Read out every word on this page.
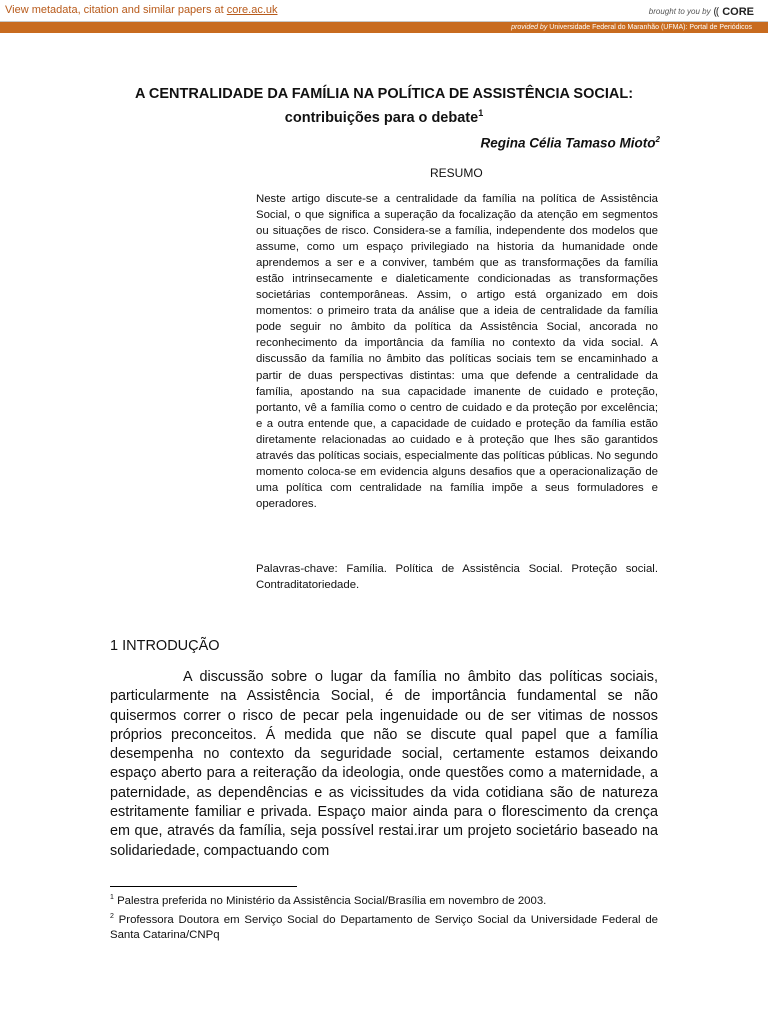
View metadata, citation and similar papers at core.ac.uk	brought to you by ⸨ CORE
provided by Universidade Federal do Maranhão (UFMA): Portal de Periódicos
A CENTRALIDADE DA FAMÍLIA NA POLÍTICA DE ASSISTÊNCIA SOCIAL:
contribuições para o debate$^1$
Regina Célia Tamaso Mioto$^2$
RESUMO
Neste artigo discute-se a centralidade da família na política de Assistência Social, o que significa a superação da focalização da atenção em segmentos ou situações de risco. Considera-se a família, independente dos modelos que assume, como um espaço privilegiado na historia da humanidade onde aprendemos a ser e a conviver, também que as transformações da família estão intrinsecamente e dialeticamente condicionadas as transformações societárias contemporâneas. Assim, o artigo está organizado em dois momentos: o primeiro trata da análise que a ideia de centralidade da família pode seguir no âmbito da política da Assistência Social, ancorada no reconhecimento da importância da família no contexto da vida social. A discussão da família no âmbito das políticas sociais tem se encaminhado a partir de duas perspectivas distintas: uma que defende a centralidade da família, apostando na sua capacidade imanente de cuidado e proteção, portanto, vê a família como o centro de cuidado e da proteção por excelência; e a outra entende que, a capacidade de cuidado e proteção da família estão diretamente relacionadas ao cuidado e à proteção que lhes são garantidos através das políticas sociais, especialmente das políticas públicas. No segundo momento coloca-se em evidencia alguns desafios que a operacionalização de uma política com centralidade na família impõe a seus formuladores e operadores.
Palavras-chave: Família. Política de Assistência Social. Proteção social. Contraditatoriedade.
1 INTRODUÇÃO

A discussão sobre o lugar da família no âmbito das políticas sociais, particularmente na Assistência Social, é de importância fundamental se não quisermos correr o risco de pecar pela ingenuidade ou de ser vitimas de nossos próprios preconceitos. Á medida que não se discute qual papel que a família desempenha no contexto da seguridade social, certamente estamos deixando espaço aberto para a reiteração da ideologia, onde questões como a maternidade, a paternidade, as dependências e as vicissitudes da vida cotidiana são de natureza estritamente familiar e privada. Espaço maior ainda para o florescimento da crença em que, através da família, seja possível restai.irar um projeto societário baseado na solidariedade, compactuando com

$^1$ Palestra preferida no Ministério da Assistência Social/Brasília em novembro de 2003.
$^2$ Professora Doutora em Serviço Social do Departamento de Serviço Social da Universidade Federal de Santa Catarina/CNPq
